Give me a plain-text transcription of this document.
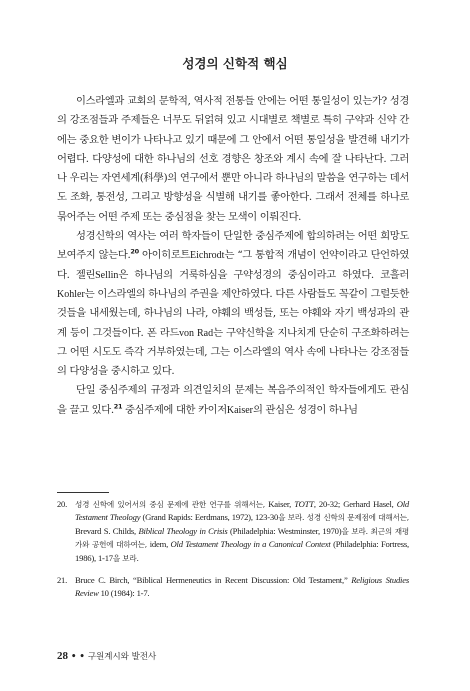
성경의 신학적 핵심

이스라엘과 교회의 문학적, 역사적 전통들 안에는 어떤 통일성이 있는가? 성경의 강조점들과 주제들은 너무도 뒤얽혀 있고 시대별로 책별로 특히 구약과 신약 간에는 중요한 변이가 나타나고 있기 때문에 그 안에서 어떤 통일성을 발견해 내기가 어렵다. 다양성에 대한 하나님의 선호 경향은 창조와 계시 속에 잘 나타난다. 그러나 우리는 자연세계(科學)의 연구에서 뿐만 아니라 하나님의 말씀을 연구하는 데서도 조화, 통전성, 그리고 방향성을 식별해 내기를 좋아한다. 그래서 전체를 하나로 묶어주는 어떤 주제 또는 중심점을 찾는 모색이 이뤄진다.

성경신학의 역사는 여러 학자들이 단일한 중심주제에 합의하려는 어떤 희망도 보여주지 않는다.$^{20}$ 아이히로트Eichrodt는 “그 통합적 개념이 언약이라고 단언하였다. 젤린Sellin은 하나님의 거룩하심을 구약성경의 중심이라고 하였다. 코흘러Kohler는 이스라엘의 하나님의 주권을 제안하였다. 다른 사람들도 꼭같이 그럴듯한 것들을 내세웠는데, 하나님의 나라, 야훼의 백성들, 또는 야훼와 자기 백성과의 관계 등이 그것들이다. 폰 라드von Rad는 구약신학을 지나치게 단순히 구조화하려는 그 어떤 시도도 즉각 거부하였는데, 그는 이스라엘의 역사 속에 나타나는 강조점들의 다양성을 중시하고 있다.

단일 중심주제의 규정과 의견일치의 문제는 복음주의적인 학자들에게도 관심을 끌고 있다.$^{21}$ 중심주제에 대한 카이저Kaiser의 관심은 성경이 하나님

20.	성경 신학에 있어서의 중심 문제에 관한 연구를 위해서는, Kaiser, TOTT, 20-32; Gerhard Hasel, Old Testament Theology (Grand Rapids: Eerdmans, 1972), 123-30을 보라. 성경 신학의 문제점에 대해서는, Brevard S. Childs, Biblical Theology in Crisis (Philadelphia: Westminster, 1970)을 보라. 최근의 재평가와 공헌에 대하여는, idem, Old Testament Theology in a Canonical Context (Philadelphia: Fortress, 1986), 1-17을 보라.
21. Bruce C. Birch, “Biblical Hermeneutics in Recent Discussion: Old Testament,” Religious Studies Review 10 (1984): 1-7.
28 • • 구원계시와 발전사
